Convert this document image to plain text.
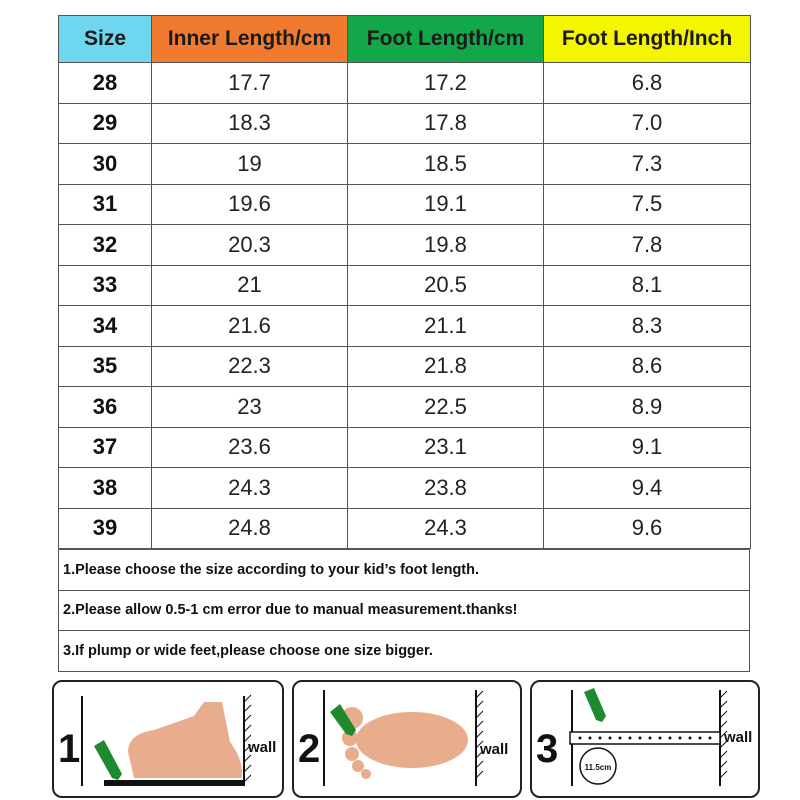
Size	Inner Length/cm	Foot Length/cm	Foot Length/Inch
28	17.7	17.2	6.8
29	18.3	17.8	7.0
30	19	18.5	7.3
31	19.6	19.1	7.5
32	20.3	19.8	7.8
33	21	20.5	8.1
34	21.6	21.1	8.3
35	22.3	21.8	8.6
36	23	22.5	8.9
37	23.6	23.1	9.1
38	24.3	23.8	9.4
39	24.8	24.3	9.6
1.Please choose the size according to your kid’s foot length.
2.Please allow 0.5-1 cm error due to manual measurement.thanks!
3.If plump or wide feet,please choose one size bigger.
1	wall 2	wall 3	11.5cm
wall
